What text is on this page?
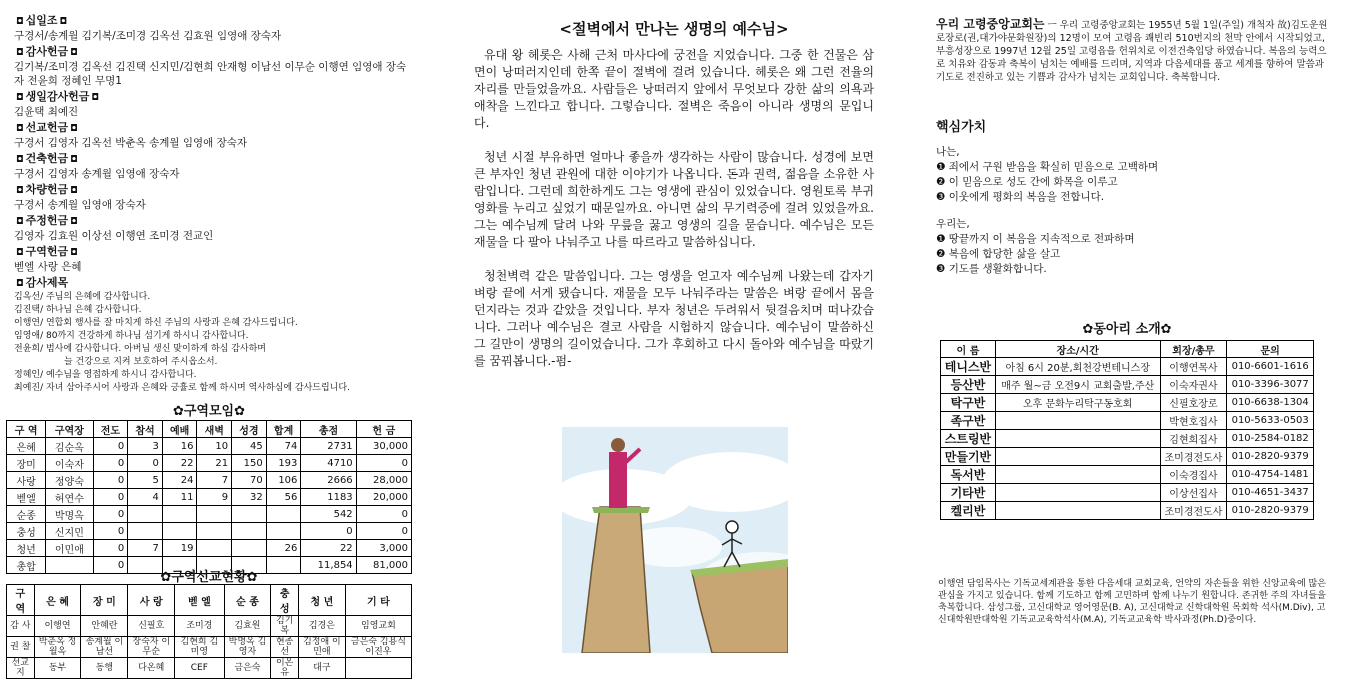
◘ 십일조 ◘
구경서/송계월 김기복/조미경 김옥선 김효원 임영애 장숙자
◘ 감사헌금 ◘
김기복/조미경 김옥선 김진택 신지민/김현희 안재형 이남선 이무순 이행연 임영애 장숙자 전윤희 정혜인 무명1
◘ 생일감사헌금 ◘
김윤택 최예진
◘ 선교헌금 ◘
구경서 김영자 김옥선 박춘옥 송계월 임영애 장숙자
◘ 건축헌금 ◘
구경서 김영자 송계월 임영애 장숙자
◘ 차량헌금 ◘
구경서 송계월 임영애 장숙자
◘ 주정헌금 ◘
김영자 김효원 이상선 이행연 조미경 전교인
◘ 구역헌금 ◘
벧엘 사랑 은혜
◘ 감사제목

김옥선/ 주님의 은혜에 감사합니다.

김진택/ 하나님 은혜 감사합니다.

이행연/ 연합회 행사를 잘 마치게 하신 주님의 사랑과 은혜 감사드립니다.

임영애/ 80까지 건강하게 하나님 섬기게 하시니 감사합니다.

전윤희/ 범사에 감사합니다. 아버님 생신 맞이하게 하심 감사하며

늘 건강으로 지켜 보호하여 주시옵소서.

정혜인/ 예수님을 영접하게 하시니 감사합니다.

최예진/ 자녀 삼아주시어 사랑과 은혜와 긍휼로 함께 하시며 역사하심에 감사드립니다.

✿구역모임✿
구 역	구역장	전도	참석	예배	새벽	성경	합계	총점	헌 금
은혜	김순옥	0	3	16	10	45	74	2731	30,000
장미	이숙자	0	0	22	21	150	193	4710	0
사랑	정양숙	0	5	24	7	70	106	2666	28,000
벧엘	허연수	0	4	11	9	32	56	1183	20,000
순종	박명옥	0						542	0
충성	신지민	0						0	0
청년	이민애	0	7	19			26	22	3,000
총합		0						11,854	81,000
✿구역선교현황✿
구 역	은 혜	장 미	사 랑	벧 엘	순 종	충 성	청 년	기 타
감 사	이행연	안혜란	신필호	조미경	김효원	김기복	김경은	임영교회
권 찰	박춘옥 정월옥	송계월 이남선	장숙자 이무순	김현희 김미영	박명옥 김영자	현종선	김정애 이민애	금은숙 김용식 이진우
선교지	동부	동행	다온혜	CEF	금은숙	이온유	대구	
<절벽에서 만나는 생명의 예수님>

유대 왕 헤롯은 사해 근처 마사다에 궁전을 지었습니다. 그중 한 건물은 삼면이 낭떠러지인데 한쪽 끝이 절벽에 걸려 있습니다. 헤롯은 왜 그런 전율의 자리를 만들었을까요. 사람들은 낭떠러지 앞에서 무엇보다 강한 삶의 의욕과 애착을 느낀다고 합니다. 그렇습니다. 절벽은 죽음이 아니라 생명의 문입니다.

청년 시절 부유하면 얼마나 좋을까 생각하는 사람이 많습니다. 성경에 보면 큰 부자인 청년 관원에 대한 이야기가 나옵니다. 돈과 권력, 젊음을 소유한 사람입니다. 그런데 희한하게도 그는 영생에 관심이 있었습니다. 영원토록 부귀영화를 누리고 싶었기 때문일까요. 아니면 삶의 무기력증에 걸려 있었을까요. 그는 예수님께 달려 나와 무릎을 꿇고 영생의 길을 묻습니다. 예수님은 모든 재물을 다 팔아 나눠주고 나를 따르라고 말씀하십니다.

청천벽력 같은 말씀입니다. 그는 영생을 얻고자 예수님께 나왔는데 갑자기 벼랑 끝에 서게 됐습니다. 재물을 모두 나눠주라는 말씀은 벼랑 끝에서 몸을 던지라는 것과 같았을 것입니다. 부자 청년은 두려워서 뒷걸음치며 떠나갔습니다. 그러나 예수님은 결코 사람을 시험하지 않습니다. 예수님이 말씀하신 그 길만이 생명의 길이었습니다. 그가 후회하고 다시 돌아와 예수님을 따랐기를 꿈꿔봅니다.-펌-

우리 고령중앙교회는 ㅡ 우리 고령중앙교회는 1955년 5월 1일(주일) 개척자 故)김도운원로장로(권,대가야문화원장)의 12명이 모여 고령읍 쾌빈리 510번지의 천막 안에서 시작되었고, 부흥성장으로 1997년 12월 25일 고령읍을 헌위치로 이전건축입당 하였습니다. 복음의 능력으로 치유와 감동과 축복이 넘치는 예배를 드리며, 지역과 다음세대를 품고 세계를 향하여 말씀과 기도로 전진하고 있는 기쁨과 감사가 넘치는 교회입니다. 축복합니다.
핵심가치

나는,

❶ 죄에서 구원 받음을 확실히 믿음으로 고백하며

❷ 이 믿음으로 성도 간에 화목을 이루고

❸ 이웃에게 평화의 복음을 전합니다.

우리는,

❶ 땅끝까지 이 복음을 지속적으로 전파하며

❷ 복음에 합당한 삶을 살고

❸ 기도를 생활화합니다.

✿동아리 소개✿
이 름	장소/시간	회장/총무	문의
테니스반	아침 6시 20분,회천강변테니스장	이행연목사	010-6601-1616
등산반	매주 월~금 오전9시 교회출발,주산	이숙자권사	010-3396-3077
탁구반	오후 문화누리탁구동호회	신필호장로	010-6638-1304
족구반		박현호집사	010-5633-0503
스트링반		김현희집사	010-2584-0182
만들기반		조미경전도사	010-2820-9379
독서반		이숙경집사	010-4754-1481
기타반		이상선집사	010-4651-3437
켈리반		조미경전도사	010-2820-9379
이행연 담임목사는 기독교세계관을 통한 다음세대 교회교육, 언약의 자손들을 위한 신앙교육에 많은 관심을 가지고 있습니다. 함께 기도하고 함께 고민하며 함께 나누기 원합니다. 존귀한 주의 자녀들을 축복합니다. 삼성그룹, 고신대학교 영어영문(B. A), 고신대학교 신학대학원 목회학 석사(M.Div), 고신대학원반대학원 기독교교육학석사(M.A), 기독교교육학 박사과정(Ph.D)중이다.
